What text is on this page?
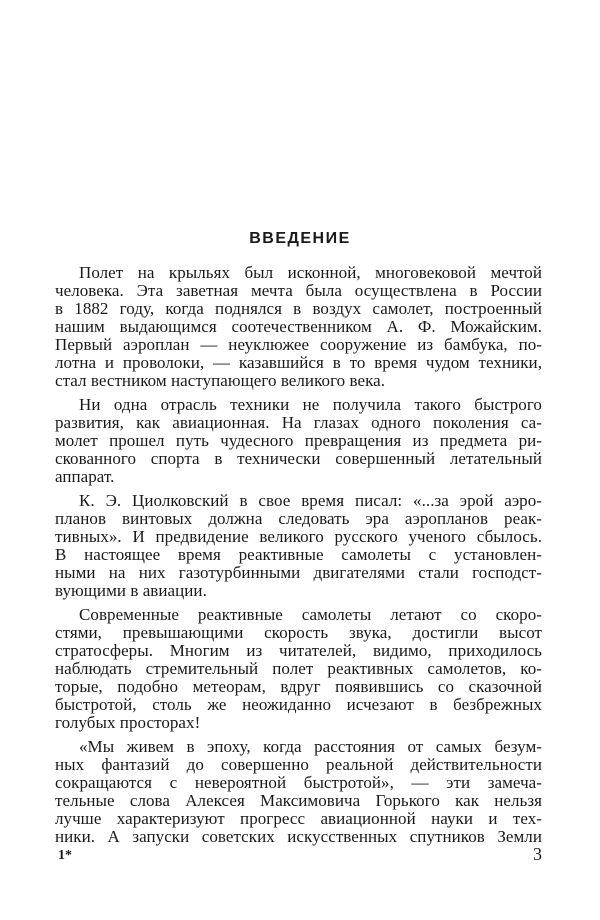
ВВЕДЕНИЕ
Полет на крыльях был исконной, многовековой мечтой
человека. Эта заветная мечта была осуществлена в России
в 1882 году, когда поднялся в воздух самолет, построенный
нашим выдающимся соотечественником А. Ф. Можайским.
Первый аэроплан — неуклюжее сооружение из бамбука, по-
лотна и проволоки, — казавшийся в то время чудом техники,
стал вестником наступающего великого века.
Ни одна отрасль техники не получила такого быстрого
развития, как авиационная. На глазах одного поколения са-
молет прошел путь чудесного превращения из предмета ри-
скованного спорта в технически совершенный летательный
аппарат.
К. Э. Циолковский в свое время писал: «...за эрой аэро-
планов винтовых должна следовать эра аэропланов реак-
тивных». И предвидение великого русского ученого сбылось.
В настоящее время реактивные самолеты с установлен-
ными на них газотурбинными двигателями стали господст-
вующими в авиации.
Современные реактивные самолеты летают со скоро-
стями, превышающими скорость звука, достигли высот
стратосферы. Многим из читателей, видимо, приходилось
наблюдать стремительный полет реактивных самолетов, ко-
торые, подобно метеорам, вдруг появившись со сказочной
быстротой, столь же неожиданно исчезают в безбрежных
голубых просторах!
«Мы живем в эпоху, когда расстояния от самых безум-
ных фантазий до совершенно реальной действительности
сокращаются с невероятной быстротой», — эти замеча-
тельные слова Алексея Максимовича Горького как нельзя
лучше характеризуют прогресс авиационной науки и тех-
ники. А запуски советских искусственных спутников Земли
1*	3
